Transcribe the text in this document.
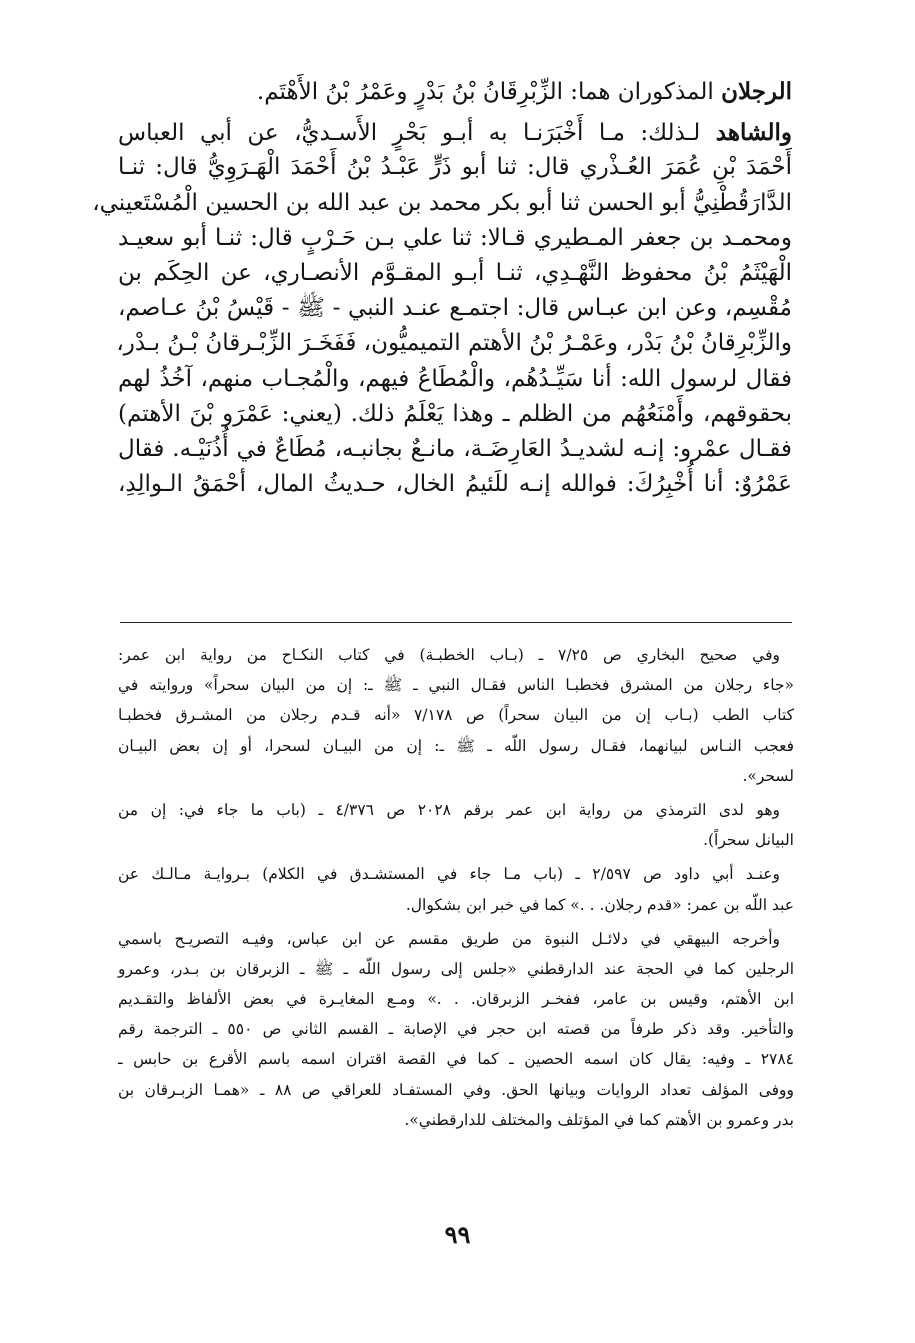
الرجلان المذكوران هما: الزِّبْرِقَانُ بْنُ بَدْرٍ وعَمْرُ بْنُ الأَهْتَم.
والشاهد لـذلك: مـا أَخْبَرَنـا به أبـو بَحْرٍ الأَسـديُّ، عن أبي العباس
أَحْمَدَ بْنِ عُمَرَ العُـذْري قال: ثنا أبو ذَرٍّ عَبْـدُ بْنُ أَحْمَدَ الْهَـرَوِيُّ قال: ثنـا
الدَّارَقُطْنِيُّ أبو الحسن ثنا أبو بكر محمد بن عبد الله بن الحسين الْمُسْتَعيني،
ومحمـد بن جعفر المـطيري قـالا: ثنا علي بـن حَـرْبٍ قال: ثنـا أبو سعيـد
الْهَيْثَمُ بْنُ محفوظ النَّهْـدِي، ثنـا أبـو المقـوَّم الأنصـاري، عن الحِكَم بن
مُقْسِم، وعن ابن عبـاس قال: اجتمـع عنـد النبي - ﷺ - قَيْسُ بْنُ عـاصم،
والزِّبْرِقانُ بْنُ بَدْر، وعَمْـرُ بْنُ الأهتم التميميُّون، فَفَخَـرَ الزِّبْـرقانُ بْـنُ بـدْر،
فقال لرسول الله: أنا سَيِّـدُهُم، والْمُطَاعُ فيهم، والْمُجـاب منهم، آخُذُ لهم
بحقوقهم، وأَمْنَعُهُم من الظلم ـ وهذا يَعْلَمُ ذلك. (يعني: عَمْرَو بْنَ الأهتم)
فقـال عمْرو: إنـه لشديـدُ العَارِضَـة، مانـعٌ بجانبـه، مُطَاعٌ في أُذُنَيْـه. فقال
عَمْرُوٌ: أنا أُخْبِرُكَ: فوالله إنـه للَئيمُ الخال، حـديثُ المال، أحْمَقُ الـوالِدِ،
وفي صحيح البخاري ص ٧/٢٥ ـ (بـاب الخطبـة) في كتاب النكـاح من رواية ابن عمر:
«جاء رجلان من المشرق فخطبـا الناس فقـال النبي ـ ﷺ ـ: إن من البيان سحراً» وروايته في
كتاب الطب (بـاب إن من البيان سحراً) ص ٧/١٧٨ «أنه قـدم رجلان من المشـرق فخطبـا
فعجب النـاس لبيانهما، فقـال رسول اللّه ـ ﷺ ـ: إن من البيـان لسحرا، أو إن بعض البيـان
لسحر».
وهو لدى الترمذي من رواية ابن عمر برقم ٢٠٢٨ ص ٤/٣٧٦ ـ (باب ما جاء في: إن من
البيانل سحراً).
وعنـد أبي داود ص ٢/٥٩٧ ـ (باب مـا جاء في المستشـدق في الكلام) بـروايـة مـالـك عن
عبد اللّه بن عمر: «قدم رجلان. . .» كما في خبر ابن بشكوال.
وأخرجه البيهقي في دلائـل النبوة من طريق مقسم عن ابن عباس، وفيـه التصريـح باسمي
الرجلين كما في الحجة عند الدارقطني «جلس إلى رسول اللّه ـ ﷺ ـ الزبرقان بن بـدر، وعمرو
ابن الأهتم، وقيس بن عامر، ففخـر الزبرقان. . .» ومـع المغايـرة في بعض الألفاظ والتقـديم
والتأخير. وقد ذكر طرفاً من قصته ابن حجر في الإصابة ـ القسم الثاني ص ٥٥٠ ـ الترجمة رقم
٢٧٨٤ ـ وفيه: يقال كان اسمه الحصين ـ كما في القصة اقتران اسمه باسم الأقرع بن حابس ـ
ووفى المؤلف تعداد الروايات وبيانها الحق. وفي المستفـاد للعراقي ص ٨٨ ـ «همـا الزبـرقان بن
بدر وعمرو بن الأهتم كما في المؤتلف والمختلف للدارقطني».
٩٩
